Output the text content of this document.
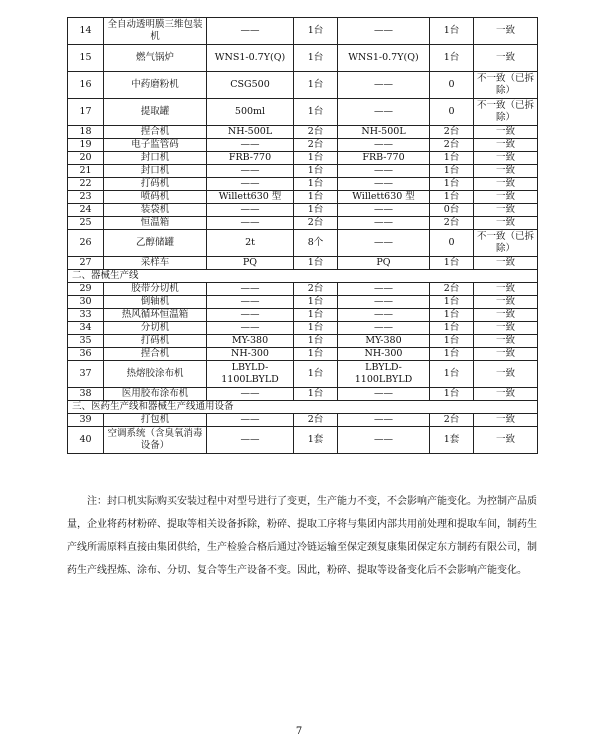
14	全自动透明膜三维包装机	——	1台	——	1台	一致
15	燃气锅炉	WNS1-0.7Y(Q)	1台	WNS1-0.7Y(Q)	1台	一致
16	中药磨粉机	CSG500	1台	——	0	不一致（已拆除）
17	提取罐	500ml	1台	——	0	不一致（已拆除）
18	捏合机	NH-500L	2台	NH-500L	2台	一致
19	电子监管码	——	2台	——	2台	一致
20	封口机	FRB-770	1台	FRB-770	1台	一致
21	封口机	——	1台	——	1台	一致
22	打码机	——	1台	——	1台	一致
23	喷码机	Willett630 型	1台	Willett630 型	1台	一致
24	装袋机	——	1台	——	0台	一致
25	恒温箱	——	2台	——	2台	一致
26	乙醇储罐	2t	8个	——	0	不一致（已拆除）
27	采样车	PQ	1台	PQ	1台	一致
二、器械生产线						
29	胶带分切机	——	2台	——	2台	一致
30	倒轴机	——	1台	——	1台	一致
33	热风循环恒温箱	——	1台	——	1台	一致
34	分切机	——	1台	——	1台	一致
35	打码机	MY-380	1台	MY-380	1台	一致
36	捏合机	NH-300	1台	NH-300	1台	一致
37	热熔胶涂布机	LBYLD-1100LBYLD	1台	LBYLD-1100LBYLD	1台	一致
38	医用胶布涂布机	——	1台	——	1台	一致
三、医药生产线和器械生产线通用设备						
39	打包机	——	2台	——	2台	一致
40	空调系统（含臭氧消毒设备）	——	1套	——	1套	一致

注：封口机实际购买安装过程中对型号进行了变更，生产能力不变，不会影响产能变化。为控制产品质量，企业将药材粉碎、提取等相关设备拆除，粉碎、提取工序将与集团内部共用前处理和提取车间，制药生产线所需原料直接由集团供给，生产检验合格后通过冷链运输至保定颈复康集团保定东方制药有限公司，制药生产线捏炼、涂布、分切、复合等生产设备不变。因此，粉碎、提取等设备变化后不会影响产能变化。

7
